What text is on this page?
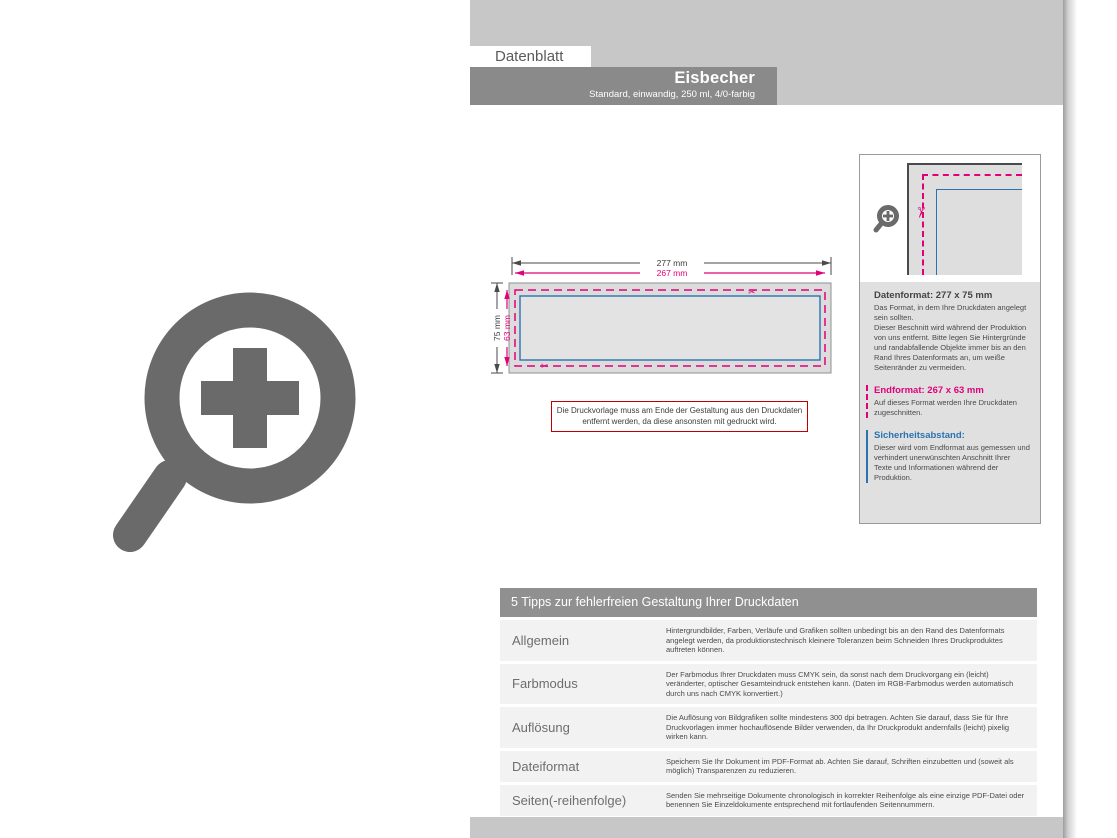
Datenblatt
Eisbecher
Standard, einwandig, 250 ml, 4/0-farbig
277 mm
267 mm
75 mm 63 mm
✂
✂
Die Druckvorlage muss am Ende der Gestaltung aus den Druckdaten entfernt werden, da diese ansonsten mit gedruckt wird.
✂
Datenformat: 277 x 75 mm

Das Format, in dem Ihre Druckdaten angelegt sein sollten.

Dieser Beschnitt wird während der Produktion von uns entfernt. Bitte legen Sie Hintergründe und randabfallende Objekte immer bis an den Rand Ihres Datenformats an, um weiße Seitenränder zu vermeiden.

Endformat: 267 x 63 mm

Auf dieses Format werden Ihre Druckdaten zugeschnitten.

Sicherheitsabstand:

Dieser wird vom Endformat aus gemessen und verhindert unerwünschten Anschnitt Ihrer Texte und Informationen während der Produktion.

5 Tipps zur fehlerfreien Gestaltung Ihrer Druckdaten
Allgemein
Hintergrundbilder, Farben, Verläufe und Grafiken sollten unbedingt bis an den Rand des Datenformats angelegt werden, da produktionstechnisch kleinere Toleranzen beim Schneiden Ihres Druckproduktes auftreten können.
Farbmodus
Der Farbmodus Ihrer Druckdaten muss CMYK sein, da sonst nach dem Druckvorgang ein (leicht) veränderter, optischer Gesamteindruck entstehen kann. (Daten im RGB-Farbmodus werden automatisch durch uns nach CMYK konvertiert.)
Auflösung
Die Auflösung von Bildgrafiken sollte mindestens 300 dpi betragen. Achten Sie darauf, dass Sie für Ihre Druckvorlagen immer hochauflösende Bilder verwenden, da Ihr Druckprodukt andernfalls (leicht) pixelig wirken kann.
Dateiformat	Speichern Sie Ihr Dokument im PDF-Format ab. Achten Sie darauf, Schriften einzubetten und (soweit als möglich) Transparenzen zu reduzieren.
Seiten(-reihenfolge)	Senden Sie mehrseitige Dokumente chronologisch in korrekter Reihenfolge als eine einzige PDF-Datei oder benennen Sie Einzeldokumente entsprechend mit fortlaufenden Seitennummern.
